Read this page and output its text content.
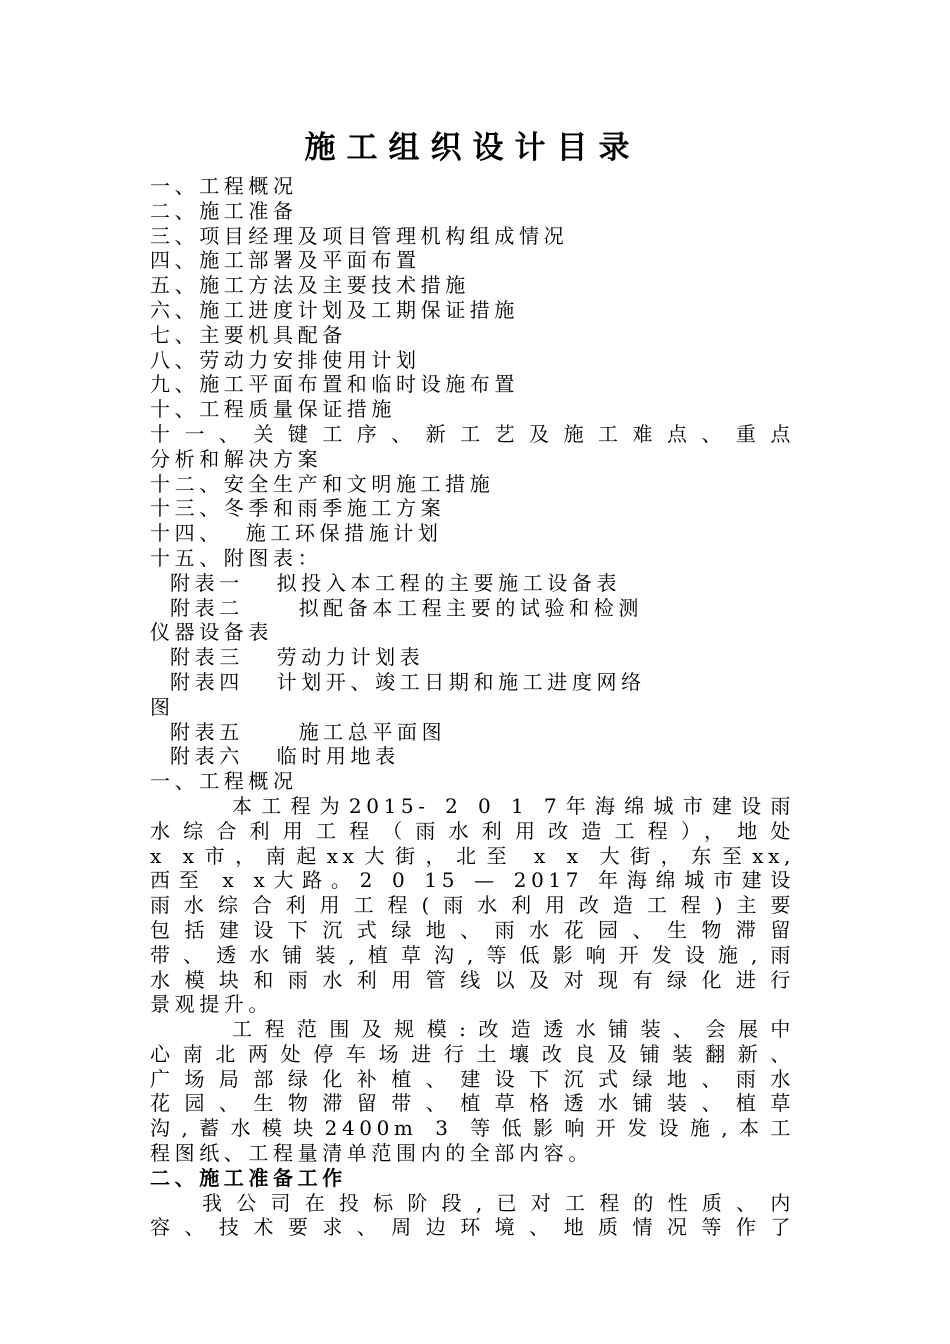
施工组织设计目录

一、工程概况

二、施工准备

三、项目经理及项目管理机构组成情况

四、施工部署及平面布置

五、施工方法及主要技术措施

六、施工进度计划及工期保证措施

七、主要机具配备

八、劳动力安排使用计划

九、施工平面布置和临时设施布置

十、工程质量保证措施

十一、关键工序、新工艺及施工难点、重点

分析和解决方案

十二、安全生产和文明施工措施

十三、冬季和雨季施工方案

十四、  施工环保措施计划

十五、附图表：

附表一   拟投入本工程的主要施工设备表

附表二     拟配备本工程主要的试验和检测

仪器设备表

附表三   劳动力计划表

附表四   计划开、竣工日期和施工进度网络

图

附表五     施工总平面图

附表六   临时用地表

一、工程概况

本工程为2015- 2 0 1 7年海绵城市建设雨

水综合利用工程（雨水利用改造工程），地处

x x市，南起xx大街，北至 x x 大街，东至xx,

西至 x x大路。2 0 15 — 2017 年海绵城市建设

雨水综合利用工程(雨水利用改造工程)主要

包括建设下沉式绿地、雨水花园、生物滞留

带、透水铺装,植草沟,等低影响开发设施,雨

水模块和雨水利用管线以及对现有绿化进行

景观提升。

工程范围及规模:改造透水铺装、会展中

心南北两处停车场进行土壤改良及铺装翻新、

广场局部绿化补植、建设下沉式绿地、雨水

花园、生物滞留带、植草格透水铺装、植草

沟,蓄水模块2400m 3 等低影响开发设施,本工

程图纸、工程量清单范围内的全部内容。

二、施工准备工作

我公司在投标阶段,已对工程的性质、内

容、技术要求、周边环境、地质情况等作了
